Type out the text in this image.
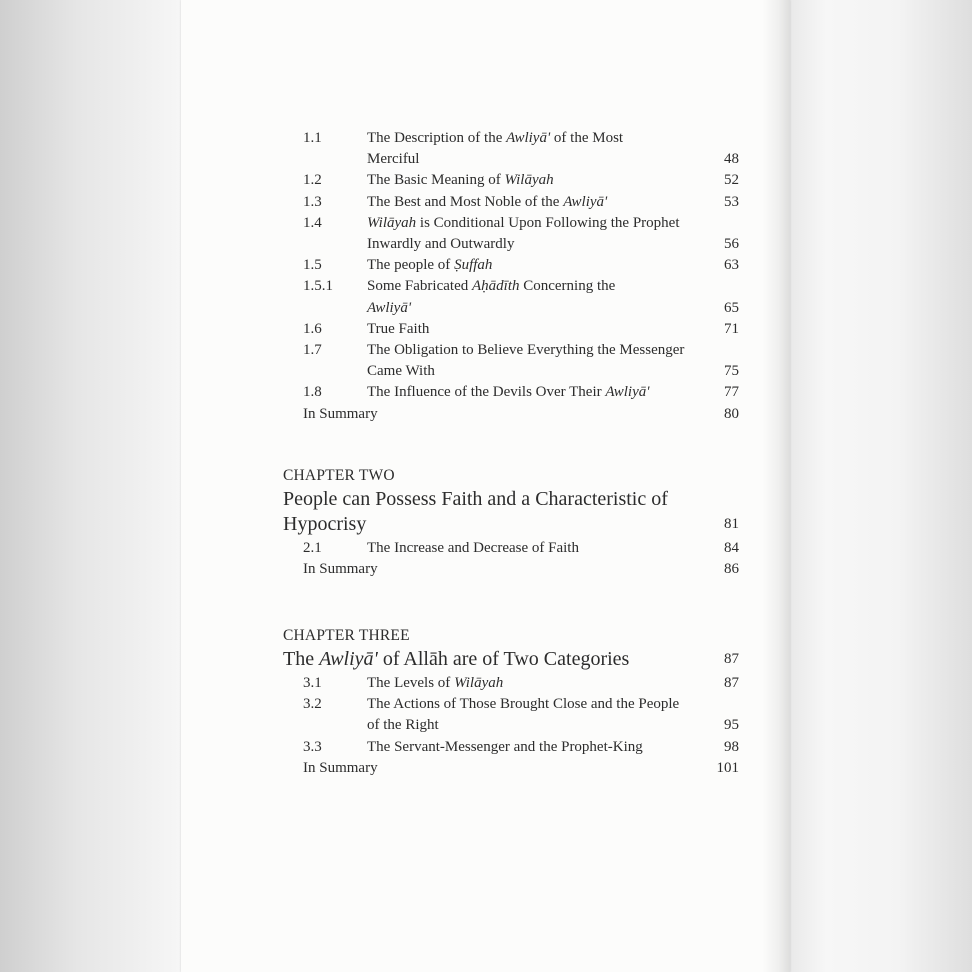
1.1	The Description of the Awliyā' of the Most
Merciful	48
1.2	The Basic Meaning of Wilāyah	52
1.3	The Best and Most Noble of the Awliyā'	53
1.4	Wilāyah is Conditional Upon Following the Prophet
Inwardly and Outwardly	56
1.5	The people of Ṣuffah	63
1.5.1 Some Fabricated Aḥādīth Concerning the
Awliyā'	65
1.6	True Faith	71
1.7	The Obligation to Believe Everything the Messenger
Came With	75
1.8	The Influence of the Devils Over Their Awliyā'	77
In Summary	80
CHAPTER TWO
People can Possess Faith and a Characteristic of
Hypocrisy	81
2.1	The Increase and Decrease of Faith	84
In Summary	86
CHAPTER THREE
The Awliyā' of Allāh are of Two Categories	87
3.1	The Levels of Wilāyah	87
3.2	The Actions of Those Brought Close and the People
of the Right	95
3.3	The Servant-Messenger and the Prophet-King	98
In Summary	101
